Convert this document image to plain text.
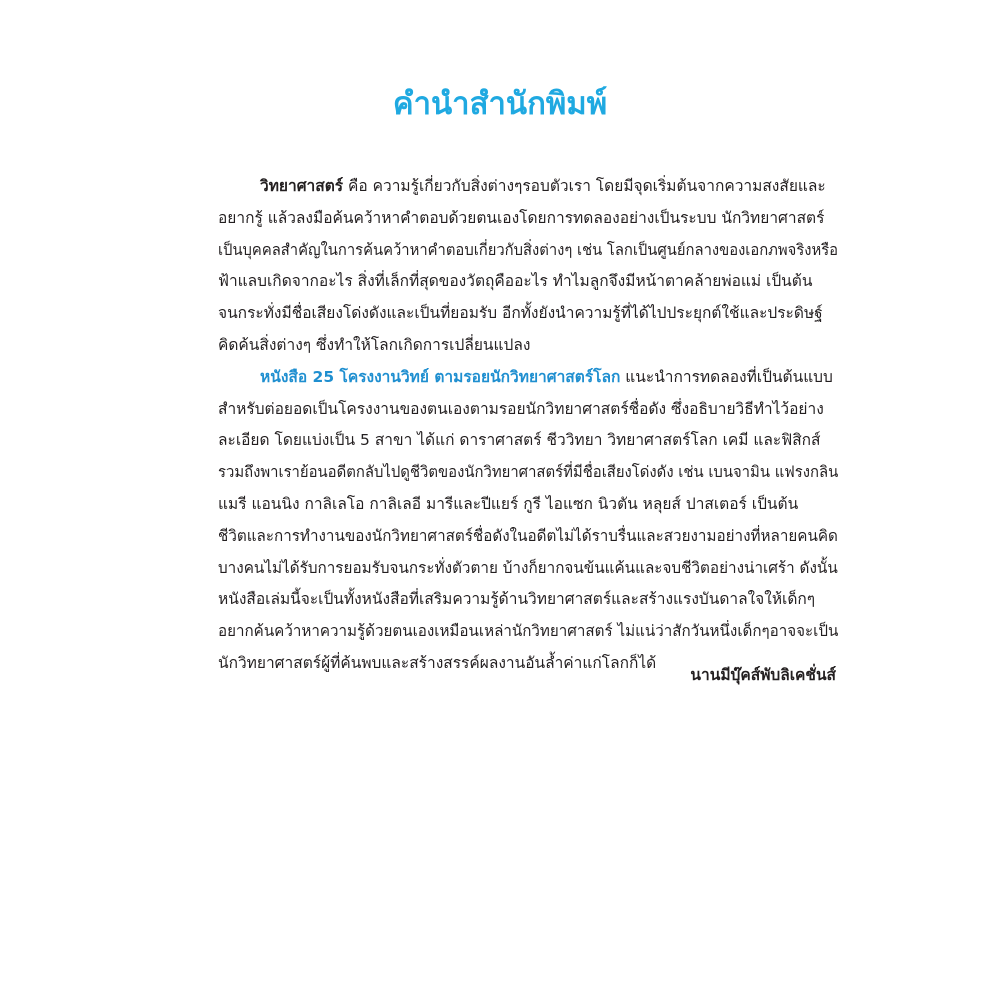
คำนำสำนักพิมพ์
วิทยาศาสตร์ คือ ความรู้เกี่ยวกับสิ่งต่างๆรอบตัวเรา โดยมีจุดเริ่มต้นจากความสงสัยและ
อยากรู้ แล้วลงมือค้นคว้าหาคำตอบด้วยตนเองโดยการทดลองอย่างเป็นระบบ นักวิทยาศาสตร์
เป็นบุคคลสำคัญในการค้นคว้าหาคำตอบเกี่ยวกับสิ่งต่างๆ เช่น โลกเป็นศูนย์กลางของเอกภพจริงหรือ
ฟ้าแลบเกิดจากอะไร สิ่งที่เล็กที่สุดของวัตถุคืออะไร ทำไมลูกจึงมีหน้าตาคล้ายพ่อแม่ เป็นต้น
จนกระทั่งมีชื่อเสียงโด่งดังและเป็นที่ยอมรับ อีกทั้งยังนำความรู้ที่ได้ไปประยุกต์ใช้และประดิษฐ์
คิดค้นสิ่งต่างๆ ซึ่งทำให้โลกเกิดการเปลี่ยนแปลง
หนังสือ 25 โครงงานวิทย์ ตามรอยนักวิทยาศาสตร์โลก แนะนำการทดลองที่เป็นต้นแบบ
สำหรับต่อยอดเป็นโครงงานของตนเองตามรอยนักวิทยาศาสตร์ชื่อดัง ซึ่งอธิบายวิธีทำไว้อย่าง
ละเอียด โดยแบ่งเป็น 5 สาขา ได้แก่ ดาราศาสตร์ ชีววิทยา วิทยาศาสตร์โลก เคมี และฟิสิกส์
รวมถึงพาเราย้อนอดีตกลับไปดูชีวิตของนักวิทยาศาสตร์ที่มีชื่อเสียงโด่งดัง เช่น เบนจามิน แฟรงกลิน
แมรี แอนนิง กาลิเลโอ กาลิเลอี มารีและปีแยร์ กูรี ไอแซก นิวตัน หลุยส์ ปาสเตอร์ เป็นต้น
ชีวิตและการทำงานของนักวิทยาศาสตร์ชื่อดังในอดีตไม่ได้ราบรื่นและสวยงามอย่างที่หลายคนคิด
บางคนไม่ได้รับการยอมรับจนกระทั่งตัวตาย บ้างก็ยากจนข้นแค้นและจบชีวิตอย่างน่าเศร้า ดังนั้น
หนังสือเล่มนี้จะเป็นทั้งหนังสือที่เสริมความรู้ด้านวิทยาศาสตร์และสร้างแรงบันดาลใจให้เด็กๆ
อยากค้นคว้าหาความรู้ด้วยตนเองเหมือนเหล่านักวิทยาศาสตร์ ไม่แน่ว่าสักวันหนึ่งเด็กๆอาจจะเป็น
นักวิทยาศาสตร์ผู้ที่ค้นพบและสร้างสรรค์ผลงานอันล้ำค่าแก่โลกก็ได้
นานมีบุ๊คส์พับลิเคชั่นส์
